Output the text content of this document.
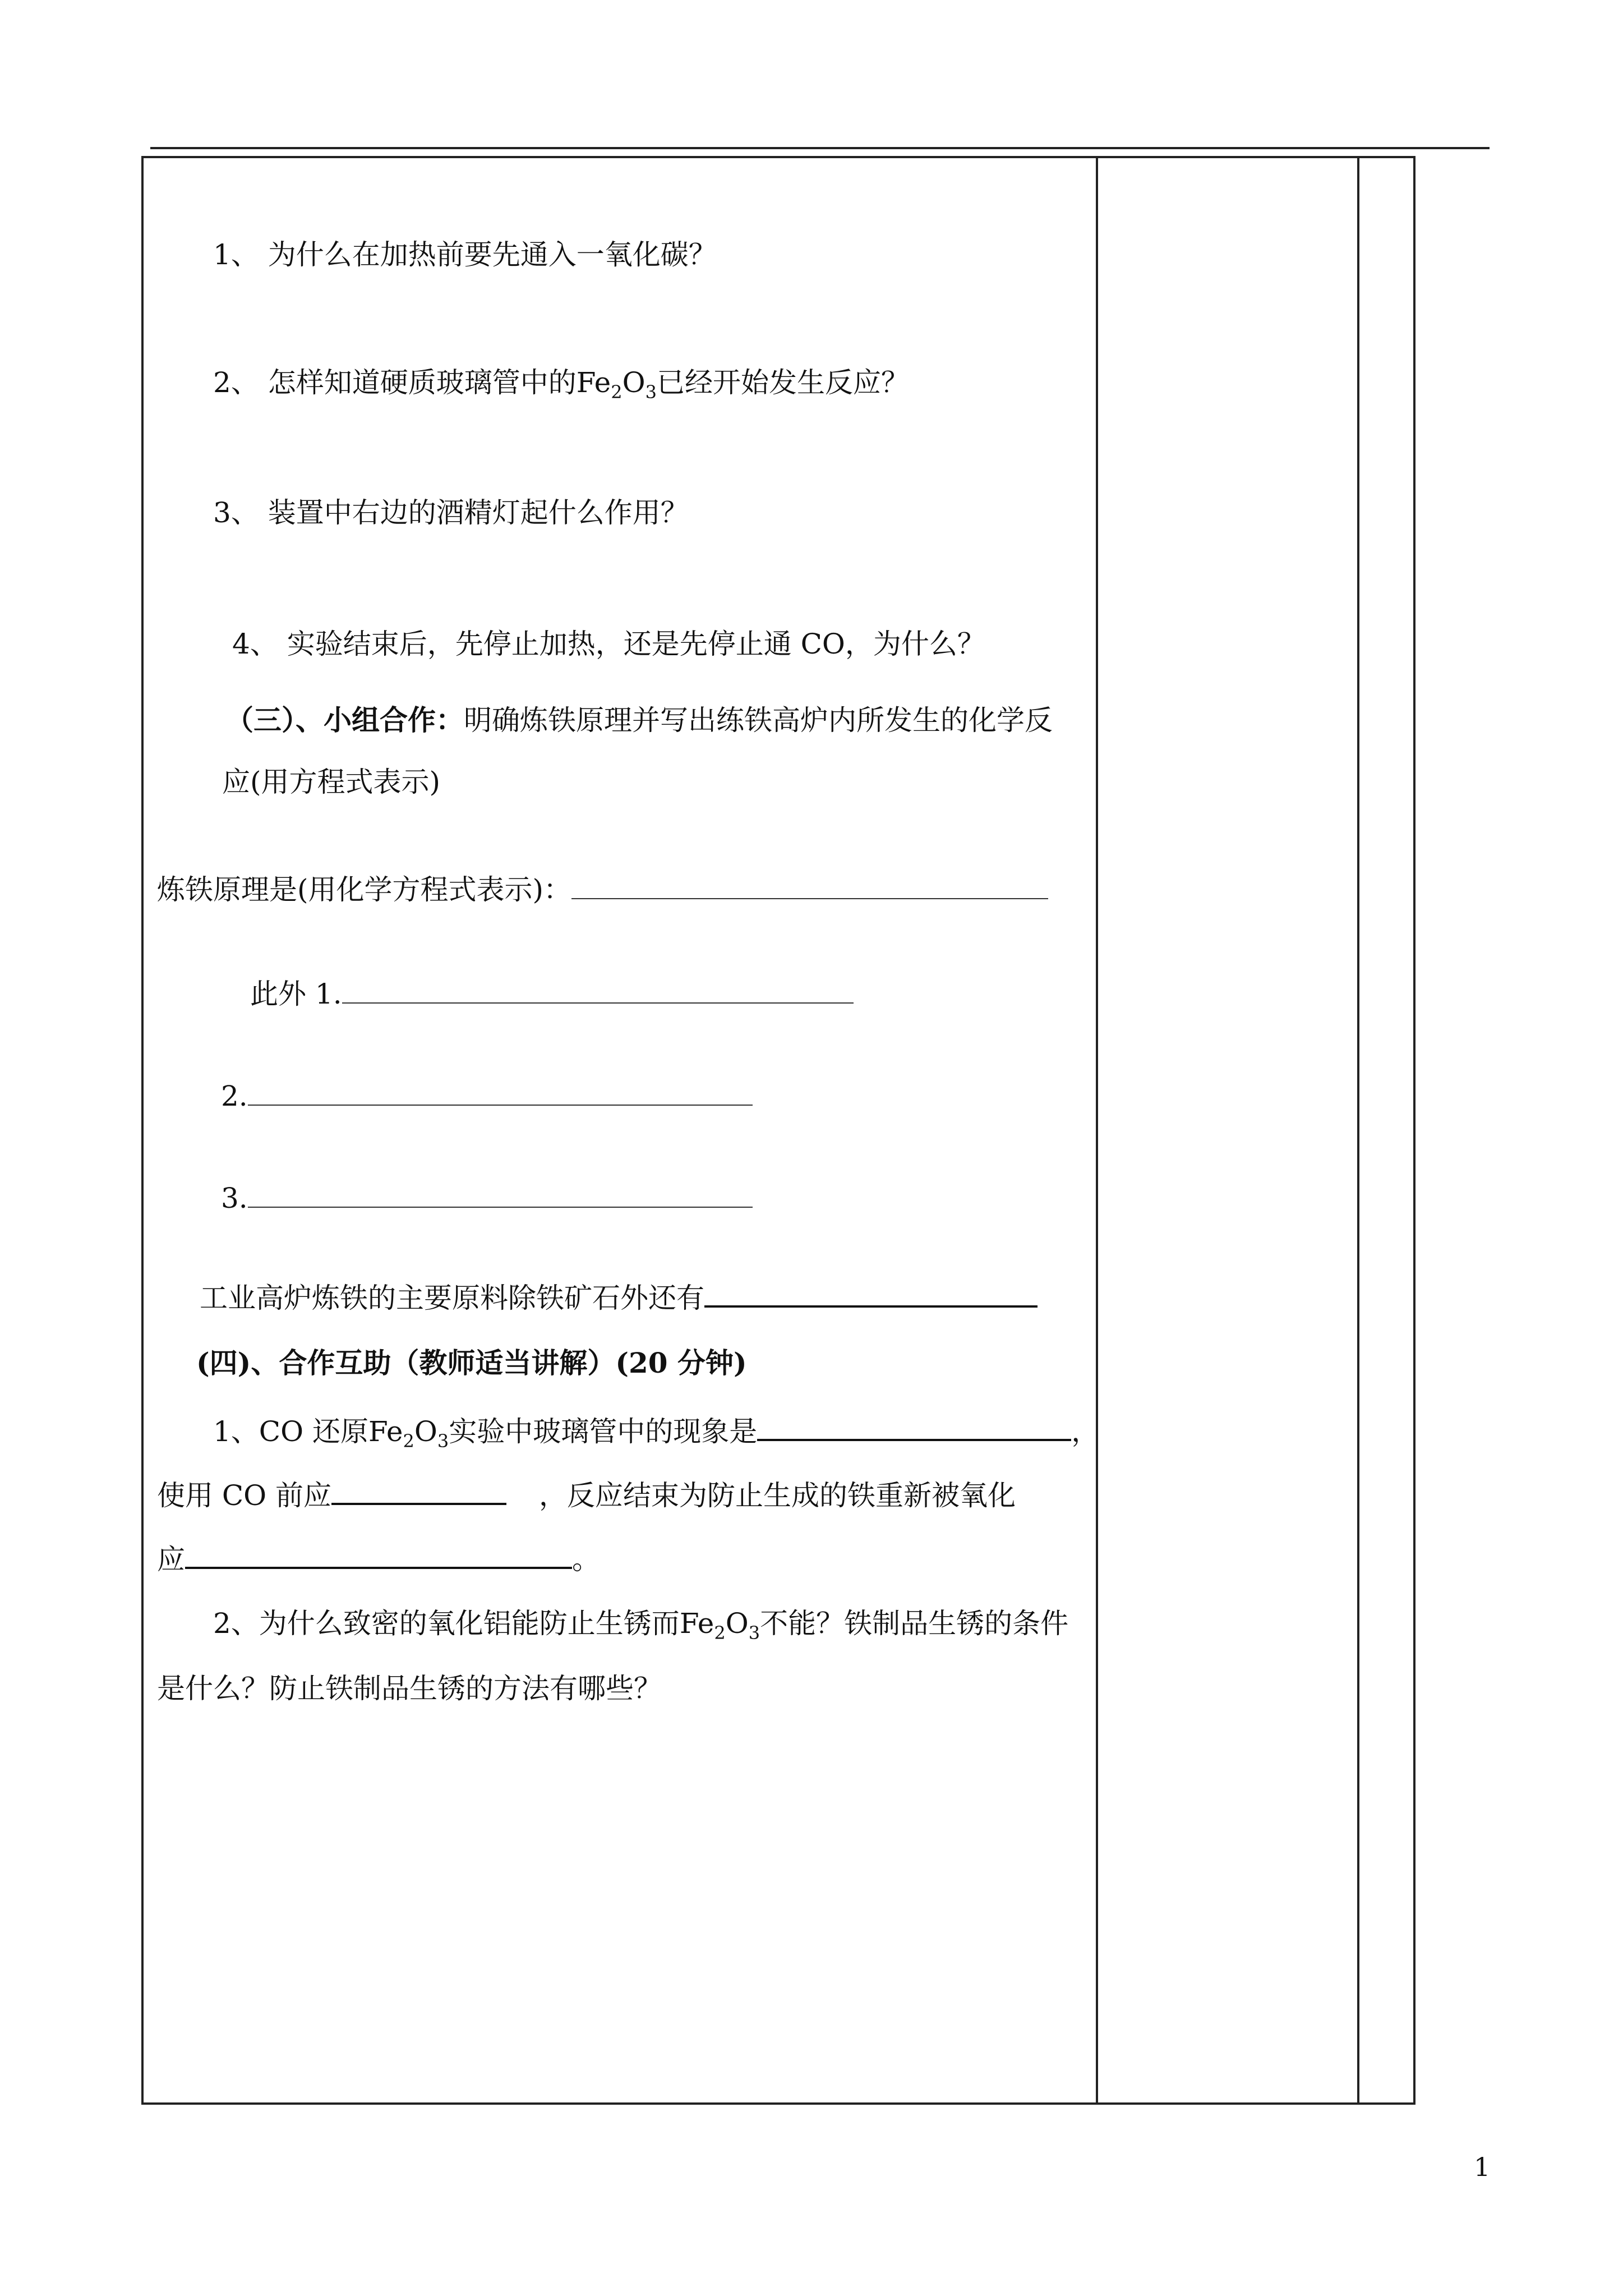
1、 为什么在加热前要先通入一氧化碳？
2、 怎样知道硬质玻璃管中的$Fe_2O_3$已经开始发生反应？
3、 装置中右边的酒精灯起什么作用？
4、 实验结束后，先停止加热，还是先停止通 CO，为什么？
（三）、小组合作：明确炼铁原理并写出练铁高炉内所发生的化学反
应(用方程式表示)
炼铁原理是(用化学方程式表示)：
此外 1.
2.
3.
工业高炉炼铁的主要原料除铁矿石外还有
(四)、合作互助（教师适当讲解）(20 分钟)
1、CO 还原$Fe_2O_3$实验中玻璃管中的现象是	，
使用 CO 前应	，反应结束为防止生成的铁重新被氧化
应	。
2、为什么致密的氧化铝能防止生锈而$Fe_2O_3$不能？铁制品生锈的条件
是什么？防止铁制品生锈的方法有哪些？
1
